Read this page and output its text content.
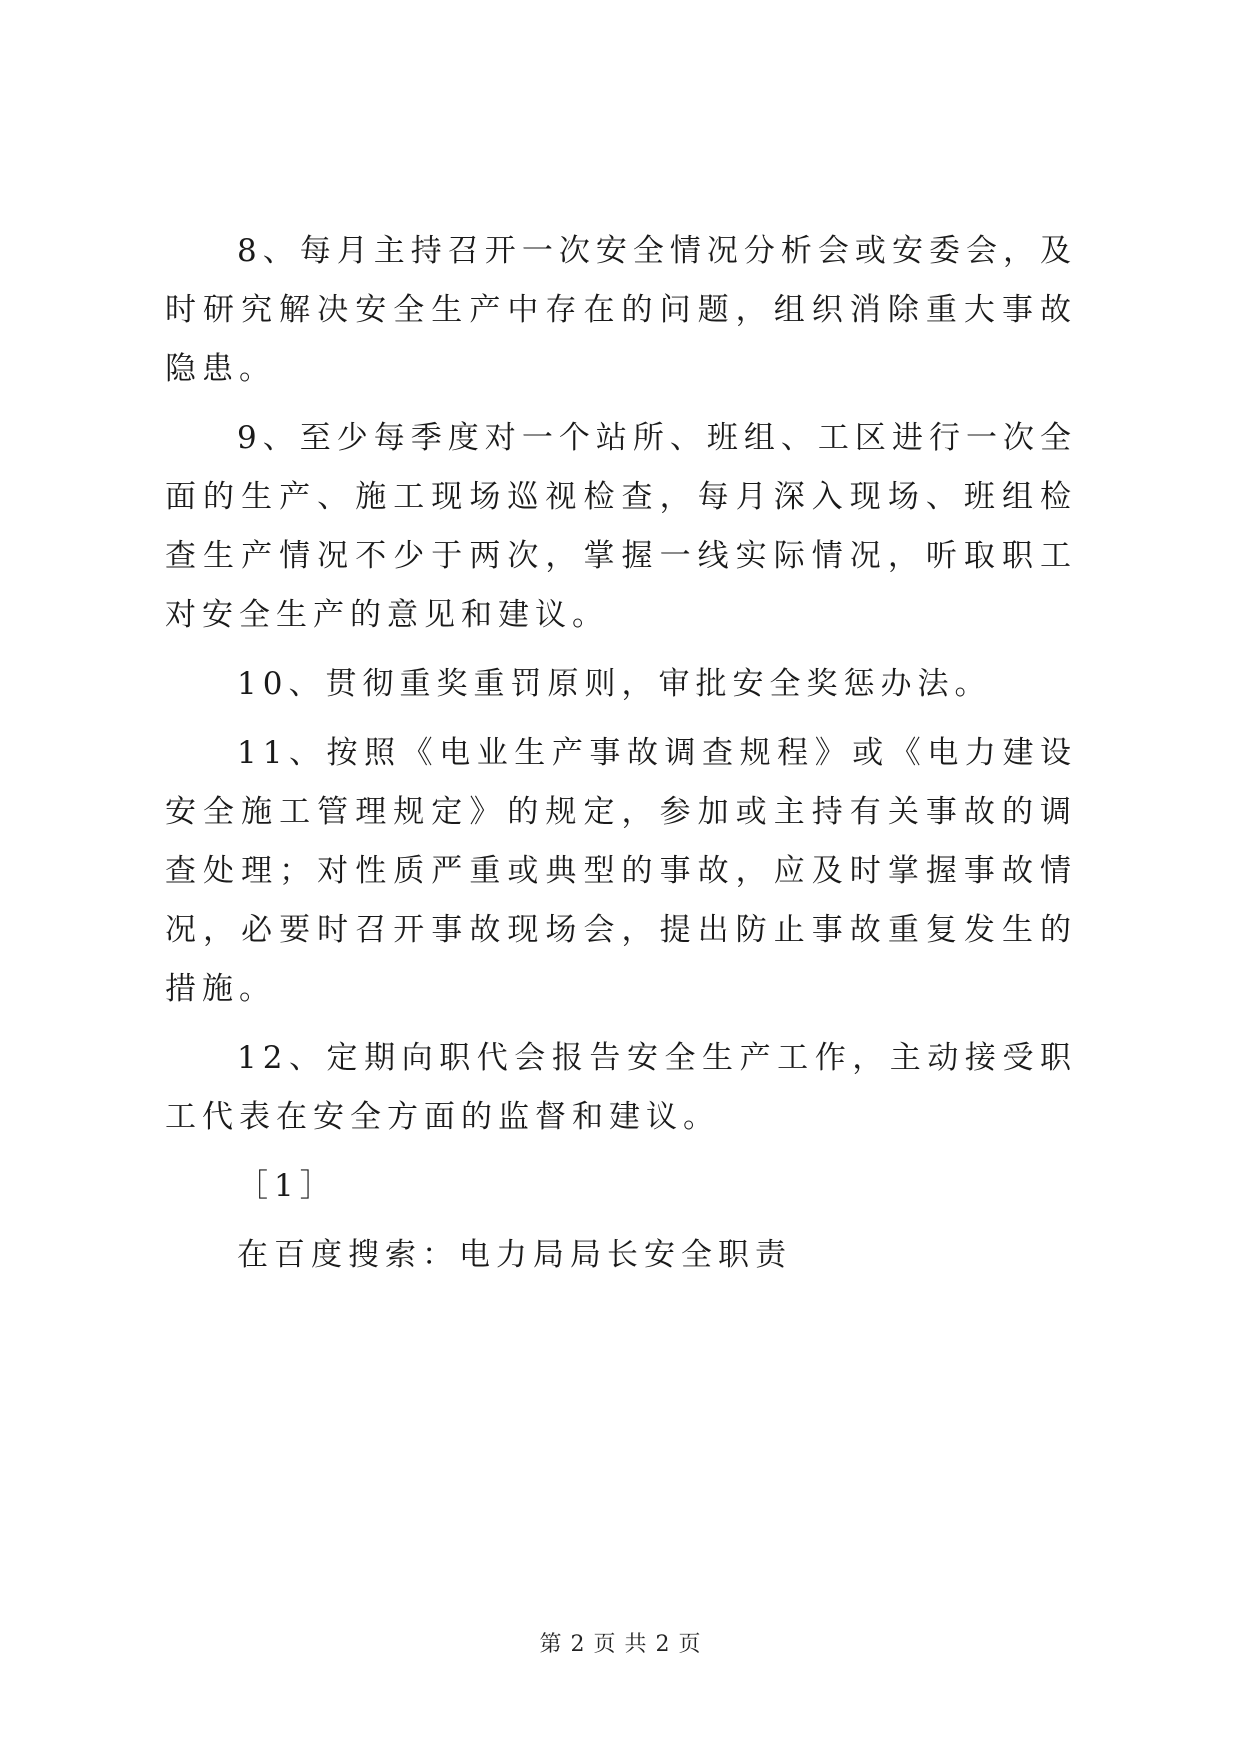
8、每月主持召开一次安全情况分析会或安委会，及时研究解决安全生产中存在的问题，组织消除重大事故隐患。

9、至少每季度对一个站所、班组、工区进行一次全面的生产、施工现场巡视检查，每月深入现场、班组检查生产情况不少于两次，掌握一线实际情况，听取职工对安全生产的意见和建议。

10、贯彻重奖重罚原则，审批安全奖惩办法。

11、按照《电业生产事故调查规程》或《电力建设安全施工管理规定》的规定，参加或主持有关事故的调查处理；对性质严重或典型的事故，应及时掌握事故情况，必要时召开事故现场会，提出防止事故重复发生的措施。

12、定期向职代会报告安全生产工作，主动接受职工代表在安全方面的监督和建议。

［1］

在百度搜索：电力局局长安全职责

第 2 页 共 2 页
